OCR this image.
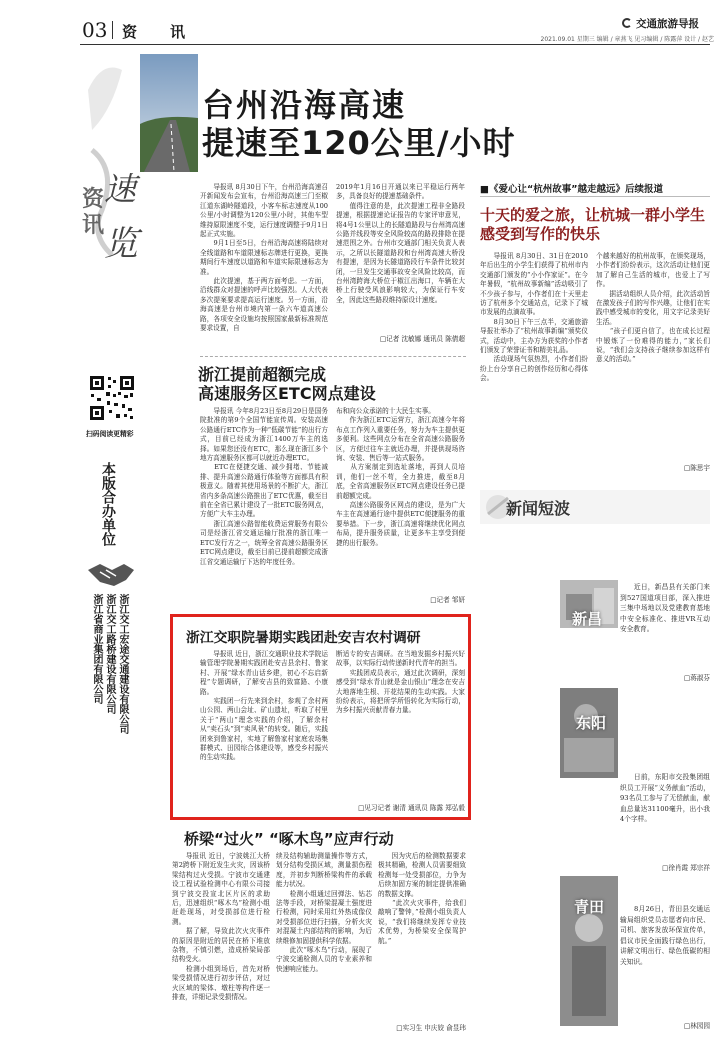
03 资 讯	交通旅游导报
2021.09.01 星期三 编辑 / 章燕飞 见习编辑 / 陈露萍 设计 / 赵艺
资
讯
速
览
扫码阅读更精彩
本版合办单位
浙江交工宏途交通建设有限公司
浙江交工路桥建设有限公司
浙江省商业集团有限公司
台州沿海高速
提速至120公里/小时
　　导报讯 8月30日下午，台州沿海高速召开新闻发布会宣布，台州沿海高速三门至椒江道东湖岭隧道段，小客车标志速度从100公里/小时调整为120公里/小时，其他车型维持原限速度不变，运行速度调整于9月1日起正式实施。
　　9月1日至5日，台州沿海高速将陆续对全线道路和车道限速标志牌进行更换，更换期间行车速度以道路和车道实际限速标志为准。
　　此次提速，基于两方面考虑。一方面，沿线群众对提速的呼声比较强烈。人大代表多次提案要求提高运行速度。另一方面，沿海高速是台州市境内第一条六车道高速公路，各项安全设施均按照国家最新标准规范要求设置，自
2019年1月16日开通以来已平稳运行两年多，具备良好的提速基础条件。
　　值得注意的是，此次提速工程非全路段提速，根据提速论证报告的专家评审意见，将4号1公里以上的长隧道路段与台州湾高速公路并线段等安全风险较高的路段排除在提速范围之外。台州市交通部门相关负责人表示，之所以长隧道路段和台州湾高速大桥没有提速，是因为长隧道路段行车条件比较封闭，一旦发生交通事故安全风险比较高，而台州湾跨海大桥位于椒江出海口，车辆在大桥上行驶受风浪影响较大，为保证行车安全，因此这些路段维持原设计速度。
□记者 沈敏娜 通讯员 陈倩超
浙江提前超额完成
高速服务区ETC网点建设
　　导报讯 今年8月23日至8月29日是国务院批准的第9个全国节能宣传周。安装高速公路通行ETC作为一种“低碳节能”的出行方式，目前已经成为浙江1400万车主的选择。如果您还没有ETC，那么现在浙江多个地方高速服务区都可以就近办理ETC。
　　ETC在便捷交通、减少拥堵、节能减排、提升高速公路通行体验等方面都具有积极意义。随着其使用场景的不断扩大，浙江省内多条高速公路推出了ETC优惠，截至目前在全省已累计建设了一批ETC服务网点，方便广大车主办理。
　　浙江高速公路智能收费运营服务有限公司是经浙江省交通运输厅批准的浙江唯一ETC发行方之一，统筹全省高速公路服务区ETC网点建设，截至目前已提前超额完成浙江省交通运输厅下达的年度任务。
布和向公众承诺的十大民生实事。
　　作为浙江ETC运营方，浙江高速今年将布点工作列入重要任务，努力为车主提供更多便利。这些网点分布在全省高速公路服务区，方便过往车主就近办理，并提供现场咨询、安装、售后等一站式服务。
　　从方案制定到选址落地，再到人员培训，他们一丝不苟，全力推进，截至8月底，全省高速服务区ETC网点建设任务已提前超额完成。
　　高速公路服务区网点的建设，是为广大车主在高速通行途中提供ETC便捷服务的重要举措。下一步，浙江高速将继续优化网点布局，提升服务质量，让更多车主享受到便捷的出行服务。
□记者 邹妍
浙江交职院暑期实践团赴安吉农村调研
　　导报讯 近日，浙江交通职业技术学院运输管理学院暑期实践团赴安吉县余村、鲁家村、开展“绿水青山话乡建，初心不忘启新程”专题调研，了解安吉县的致富路、小康路。
　　实践团一行先来到余村，参观了余村两山公园、两山会址、矿山遗址，听取了村里关于“两山”理念实践的介绍，了解余村从“卖石头”到“卖风景”的转变。随后，实践团来到鲁家村，实地了解鲁家村家庭农场集群模式、田园综合体建设等，感受乡村振兴的生动实践。
断适专的安吉调研。在当地发掘乡村振兴好故事，以实际行动传递新时代青年的担当。
　　实践团成员表示，通过此次调研，深刻感受到“绿水青山就是金山银山”理念在安吉大地落地生根、开花结果的生动实践。大家纷纷表示，将把所学所悟转化为实际行动，为乡村振兴贡献青春力量。
□见习记者 谢清 通讯员 陈露 郑弘毅
桥梁“过火” “啄木鸟”应声行动
　　导报讯 近日，宁波姚江大桥第2跨桥下附近发生火灾，因该桥梁结构过火受损。宁波市交通建设工程试验检测中心有限公司接到宁波交投宣北区片区的求助后，迅速组织“啄木鸟”检测小组赶赴现场，对受损部位进行检测。
　　据了解，导致此次火灾事件的原因是附近的居民在桥下堆放杂物，不慎引燃，造成桥梁局部结构受火。
　　检测小组到场后，首先对桥梁受损情况进行初步评估，对过火区域的梁体、墩柱等构件逐一排查，详细记录受损情况。
续及结构辅助测量操作等方式，划分结构受损区域，测量损伤程度，并初步判断桥梁构件的承载能力状况。
　　检测小组通过回弹法、钻芯法等手段，对桥梁混凝土强度进行检测，同时采用红外热成像仪对受损部位进行扫描，分析火灾对混凝土内部结构的影响，为后续维修加固提供科学依据。
　　此次“啄木鸟”行动，展现了宁波交通检测人员的专业素养和快速响应能力。
　　因为灾后的检测数据要求极其精确，检测人员需要细致检测每一处受损部位，力争为后续加固方案的制定提供准确的数据支撑。
　　“此次火灾事件，给我们敲响了警钟，”检测小组负责人说，“我们将继续发挥专业技术优势，为桥梁安全保驾护航。”
□实习生 申庆姣 俞昱玮
■《爱心让“杭州故事”越走越远》后续报道
十天的爱之旅，让杭城一群小学生
感受到写作的快乐
　　导报讯 8月30日、31日在2010年后出生的小学生们获得了杭州市内交通部门颁发的“小小作家证”。在今年暑假，“杭州故事新编”活动吸引了不少孩子参与，小作者们在十天里走访了杭州多个交通站点，记录下了城市发展的点滴故事。
　　8月30日下午三点半，交通旅游导报社举办了“杭州故事新编”颁奖仪式，活动中，主办方为获奖的小作者们颁发了荣誉证书和精美礼品。
　　活动现场气氛热烈，小作者们纷纷上台分享自己的创作经历和心得体会。
个越来越好的杭州故事，在颁奖现场，小作者们纷纷表示，这次活动让他们更加了解自己生活的城市，也爱上了写作。
　　据活动组织人员介绍，此次活动旨在激发孩子们的写作兴趣，让他们在实践中感受城市的变化，用文字记录美好生活。
　　“孩子们更自信了，也在成长过程中锻炼了一份难得的能力，”家长们说，“我们会支持孩子继续参加这样有意义的活动。”
□陈思宇
新闻短波
新昌
　　近日，新昌县有关部门来到527国道项目部，深入推进三集中场地以及党建教育基地中安全标准化、推进VR互动安全教育。
□蒋淑芬
东阳
　　日前，东阳市交投集团组织员工开展“义务献血”活动，93名员工参与了无偿献血，献血总量达31100毫升，出小我4个字样。
□徐肖霞 郑宗祥
青田 　　8月26日，青田县交通运输局组织党员志愿者向市民、司机、旅客发放环保宣传单，倡议市民全面践行绿色出行，讲解文明出行、绿色低碳的相关知识。
□林园园
